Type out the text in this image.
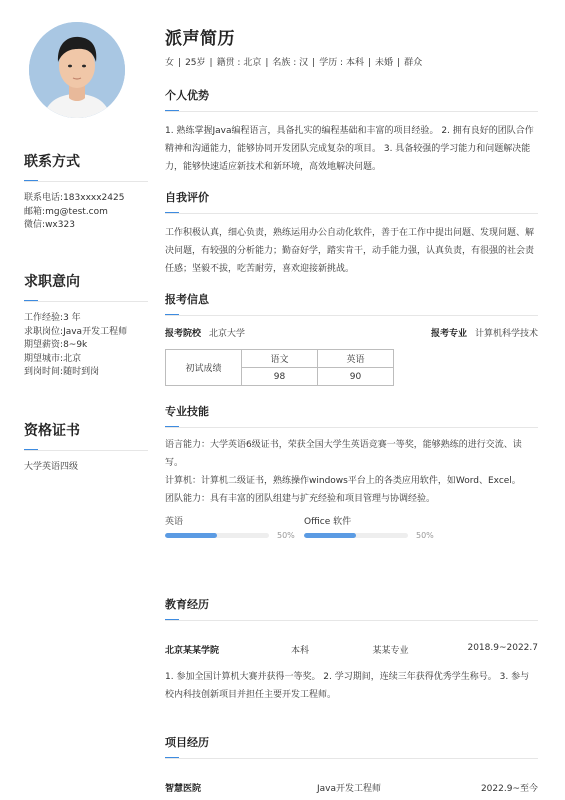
联系方式
联系电话 : 183xxxx2425
邮箱 : mg@test.com
微信 : wx323
求职意向
工作经验 : 3 年
求职岗位 : Java开发工程师
期望薪资 : 8~9k
期望城市 : 北京
到岗时间 : 随时到岗
资格证书
大学英语四级
派声简历
女 | 25岁 | 籍贯 : 北京 | 名族 : 汉 | 学历 : 本科 | 未婚 | 群众
个人优势
1. 熟练掌握Java编程语言，具备扎实的编程基础和丰富的项目经验。 2. 拥有良好的团队合作精神和沟通能力，能够协同开发团队完成复杂的项目。 3. 具备较强的学习能力和问题解决能力，能够快速适应新技术和新环境，高效地解决问题。
自我评价
工作积极认真，细心负责，熟练运用办公自动化软件，善于在工作中提出问题、发现问题、解决问题，有较强的分析能力；勤奋好学，踏实肯干，动手能力强，认真负责，有很强的社会责任感；坚毅不拔，吃苦耐劳，喜欢迎接新挑战。
报考信息
报考院校 北京大学	报考专业 计算机科学技术
初试成绩	语文	英语
	98	90
专业技能
语言能力：大学英语6级证书，荣获全国大学生英语竞赛一等奖，能够熟练的进行交流、读写。
计算机：计算机二级证书，熟练操作windows平台上的各类应用软件，如Word、Excel。
团队能力：具有丰富的团队组建与扩充经验和项目管理与协调经验。
英语
50%
Office 软件
50%
教育经历
北京某某学院	本科	某某专业	2018.9~2022.7
1. 参加全国计算机大赛并获得一等奖。 2. 学习期间，连续三年获得优秀学生称号。 3. 参与校内科技创新项目并担任主要开发工程师。
项目经历
智慧医院	Java开发工程师	2022.9~至今
